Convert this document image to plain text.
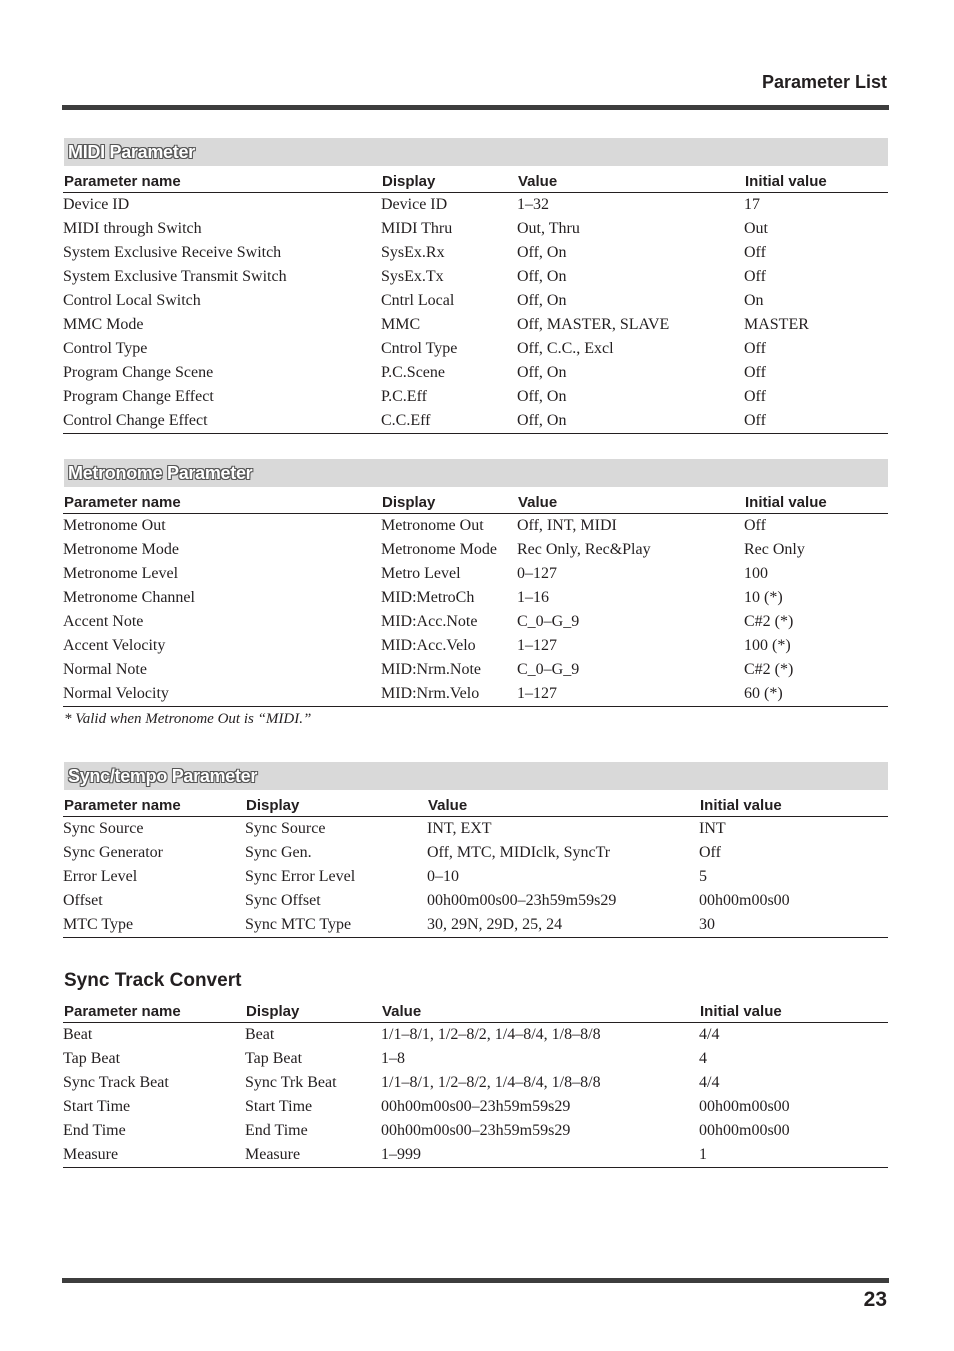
Parameter List
MIDI Parameter
Parameter name	Display	Value	Initial value
Device ID	Device ID	1–32	17
MIDI through Switch	MIDI Thru	Out, Thru	Out
System Exclusive Receive Switch	SysEx.Rx	Off, On	Off
System Exclusive Transmit Switch	SysEx.Tx	Off, On	Off
Control Local Switch	Cntrl Local	Off, On	On
MMC Mode	MMC	Off, MASTER, SLAVE	MASTER
Control Type	Cntrol Type	Off, C.C., Excl	Off
Program Change Scene	P.C.Scene	Off, On	Off
Program Change Effect	P.C.Eff	Off, On	Off
Control Change Effect	C.C.Eff	Off, On	Off
Metronome Parameter
Parameter name	Display	Value	Initial value
Metronome Out	Metronome Out	Off, INT, MIDI	Off
Metronome Mode	Metronome Mode	Rec Only, Rec&Play	Rec Only
Metronome Level	Metro Level	0–127	100
Metronome Channel	MID:MetroCh	1–16	10 (*)
Accent Note	MID:Acc.Note	C_0–G_9	C#2 (*)
Accent Velocity	MID:Acc.Velo	1–127	100 (*)
Normal Note	MID:Nrm.Note	C_0–G_9	C#2 (*)
Normal Velocity	MID:Nrm.Velo	1–127	60 (*)
* Valid when Metronome Out is “MIDI.”
Sync/tempo Parameter
Parameter name	Display	Value	Initial value
Sync Source	Sync Source	INT, EXT	INT
Sync Generator	Sync Gen.	Off, MTC, MIDIclk, SyncTr	Off
Error Level	Sync Error Level	0–10	5
Offset	Sync Offset	00h00m00s00–23h59m59s29	00h00m00s00
MTC Type	Sync MTC Type	30, 29N, 29D, 25, 24	30
Sync Track Convert
Parameter name	Display	Value	Initial value
Beat	Beat	1/1–8/1, 1/2–8/2, 1/4–8/4, 1/8–8/8	4/4
Tap Beat	Tap Beat	1–8	4
Sync Track Beat	Sync Trk Beat	1/1–8/1, 1/2–8/2, 1/4–8/4, 1/8–8/8	4/4
Start Time	Start Time	00h00m00s00–23h59m59s29	00h00m00s00
End Time	End Time	00h00m00s00–23h59m59s29	00h00m00s00
Measure	Measure	1–999	1
23
